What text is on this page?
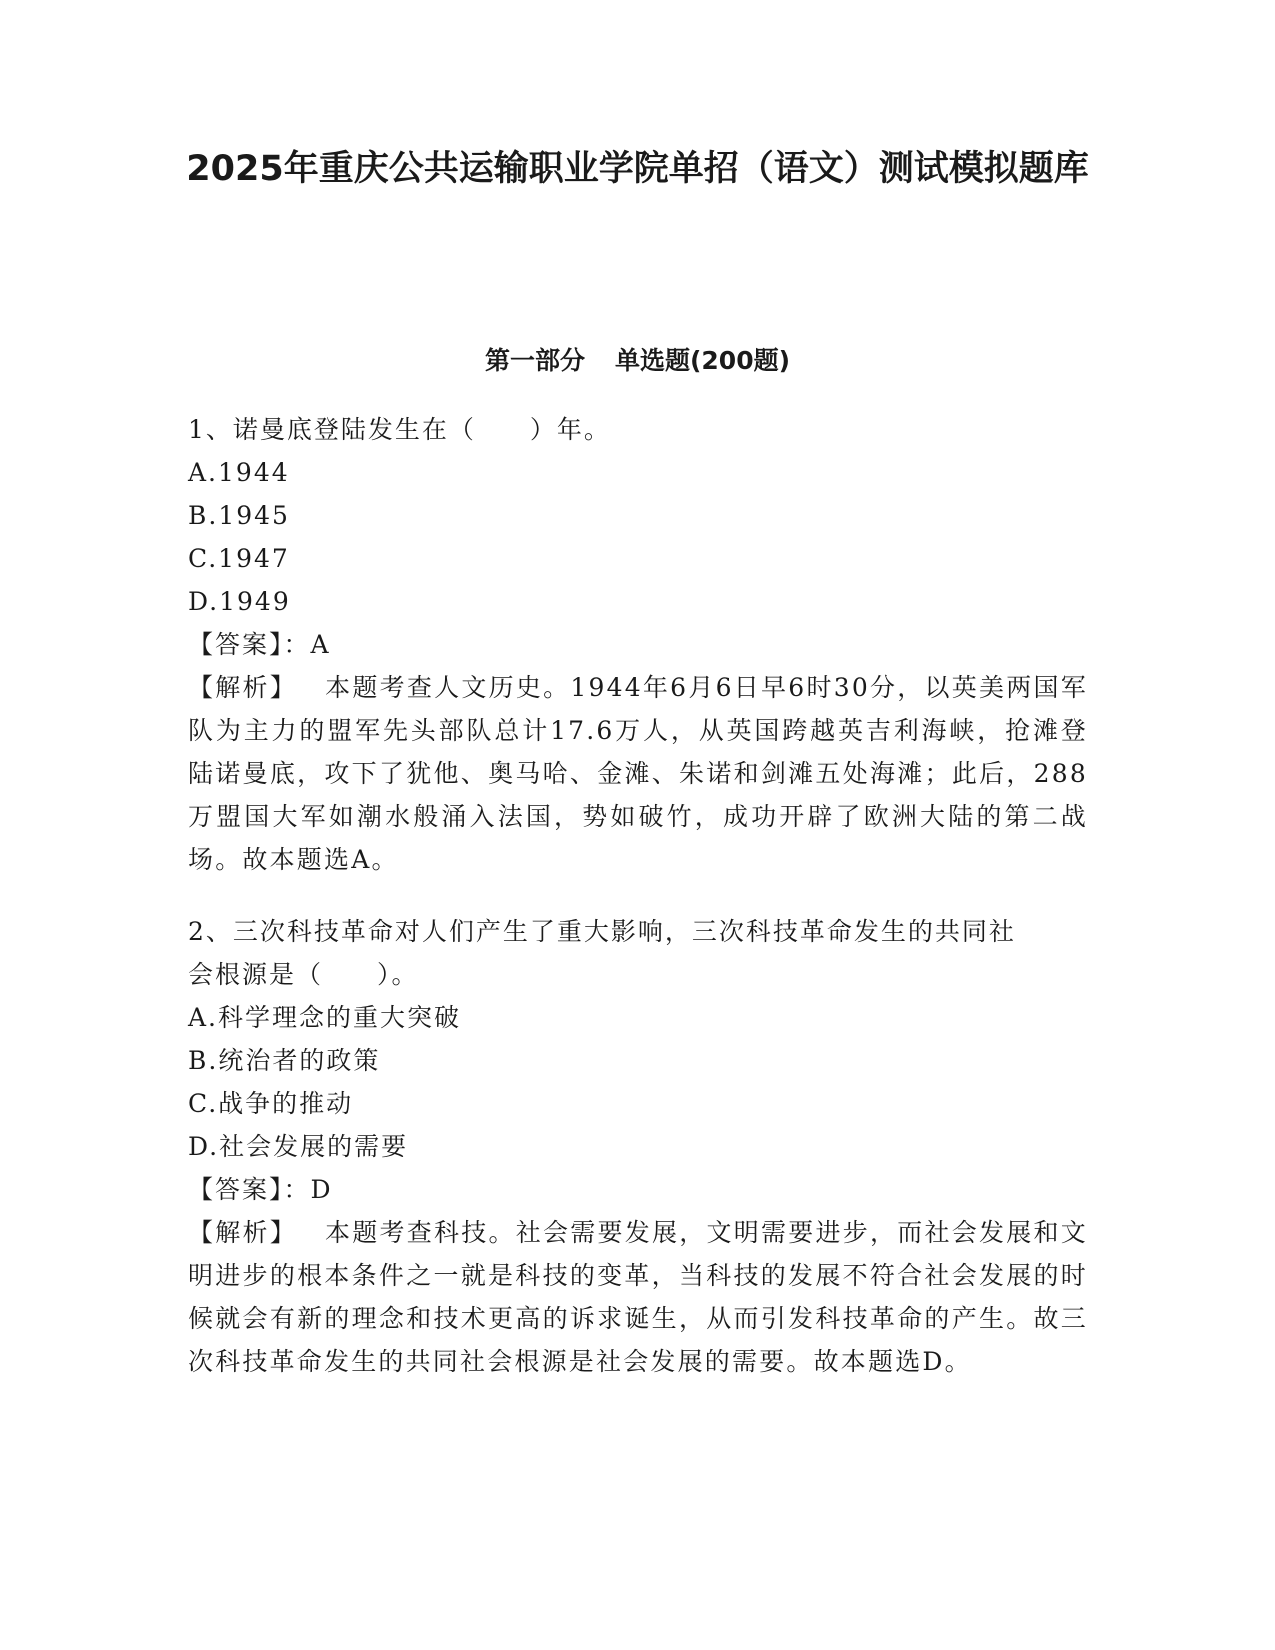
2025年重庆公共运输职业学院单招（语文）测试模拟题库
第一部分 单选题(200题)

1、诺曼底登陆发生在（　　）年。

A.1944

B.1945

C.1947

D.1949

【答案】：A

【解析】 本题考查人文历史。1944年6月6日早6时30分，以英美两国军队为主力的盟军先头部队总计17.6万人，从英国跨越英吉利海峡，抢滩登陆诺曼底，攻下了犹他、奥马哈、金滩、朱诺和剑滩五处海滩；此后，288万盟国大军如潮水般涌入法国，势如破竹，成功开辟了欧洲大陆的第二战场。故本题选A。

2、三次科技革命对人们产生了重大影响，三次科技革命发生的共同社

会根源是（　　）。

A.科学理念的重大突破

B.统治者的政策

C.战争的推动

D.社会发展的需要

【答案】：D

【解析】 本题考查科技。社会需要发展，文明需要进步，而社会发展和文明进步的根本条件之一就是科技的变革，当科技的发展不符合社会发展的时候就会有新的理念和技术更高的诉求诞生，从而引发科技革命的产生。故三次科技革命发生的共同社会根源是社会发展的需要。故本题选D。
